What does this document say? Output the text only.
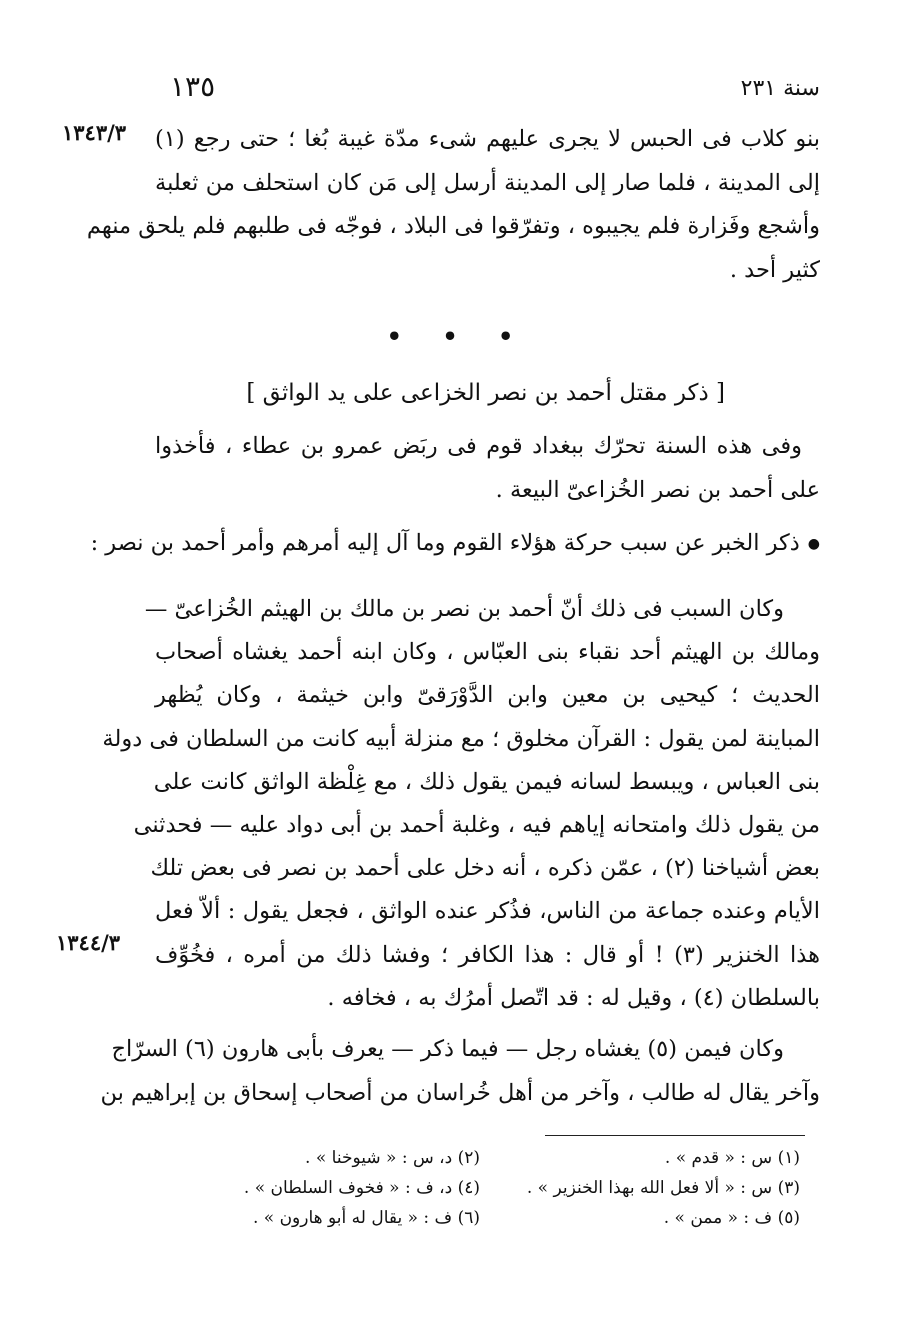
سنة ٢٣١
١٣٥
١٣٤٣/٣
١٣٤٤/٣
بنو كلاب فى الحبس لا يجرى عليهم شىء مدّة غيبة بُغا ؛ حتى رجع (١)
إلى المدينة ، فلما صار إلى المدينة أرسل إلى مَن كان استحلف من ثعلبة
وأشجع وفَزارة فلم يجيبوه ، وتفرّقوا فى البلاد ، فوجّه فى طلبهم فلم يلحق منهم
كثير أحد .
• • •
[ ذكر مقتل أحمد بن نصر الخزاعى على يد الواثق ]
وفى هذه السنة تحرّك ببغداد قوم فى ربَض عمرو بن عطاء ، فأخذوا
على أحمد بن نصر الخُزاعىّ البيعة .
●ذكر الخبر عن سبب حركة هؤلاء القوم وما آل إليه أمرهم وأمر أحمد بن نصر :
وكان السبب فى ذلك أنّ أحمد بن نصر بن مالك بن الهيثم الخُزاعىّ —
ومالك بن الهيثم أحد نقباء بنى العبّاس ، وكان ابنه أحمد يغشاه أصحاب
الحديث ؛ كيحيى بن معين وابن الدَّوْرَقىّ وابن خيثمة ، وكان يُظهر
المباينة لمن يقول : القرآن مخلوق ؛ مع منزلة أبيه كانت من السلطان فى دولة
بنى العباس ، ويبسط لسانه فيمن يقول ذلك ، مع غِلْظة الواثق كانت على
من يقول ذلك وامتحانه إياهم فيه ، وغلبة أحمد بن أبى دواد عليه — فحدثنى
بعض أشياخنا (٢) ، عمّن ذكره ، أنه دخل على أحمد بن نصر فى بعض تلك
الأيام وعنده جماعة من الناس، فذُكر عنده الواثق ، فجعل يقول : ألاّ فعل
هذا الخنزير (٣) ! أو قال : هذا الكافر ؛ وفشا ذلك من أمره ، فخُوِّف
بالسلطان (٤) ، وقيل له : قد اتّصل أمرُك به ، فخافه .
وكان فيمن (٥) يغشاه رجل — فيما ذكر — يعرف بأبى هارون (٦) السرّاج
وآخر يقال له طالب ، وآخر من أهل خُراسان من أصحاب إسحاق بن إبراهيم بن
(١) س : « قدم » .
(٢) د، س : « شيوخنا » .
(٣) س : « ألا فعل الله بهذا الخنزير » .
(٤) د، ف : « فخوف السلطان » .
(٥) ف : « ممن » .
(٦) ف : « يقال له أبو هارون » .
